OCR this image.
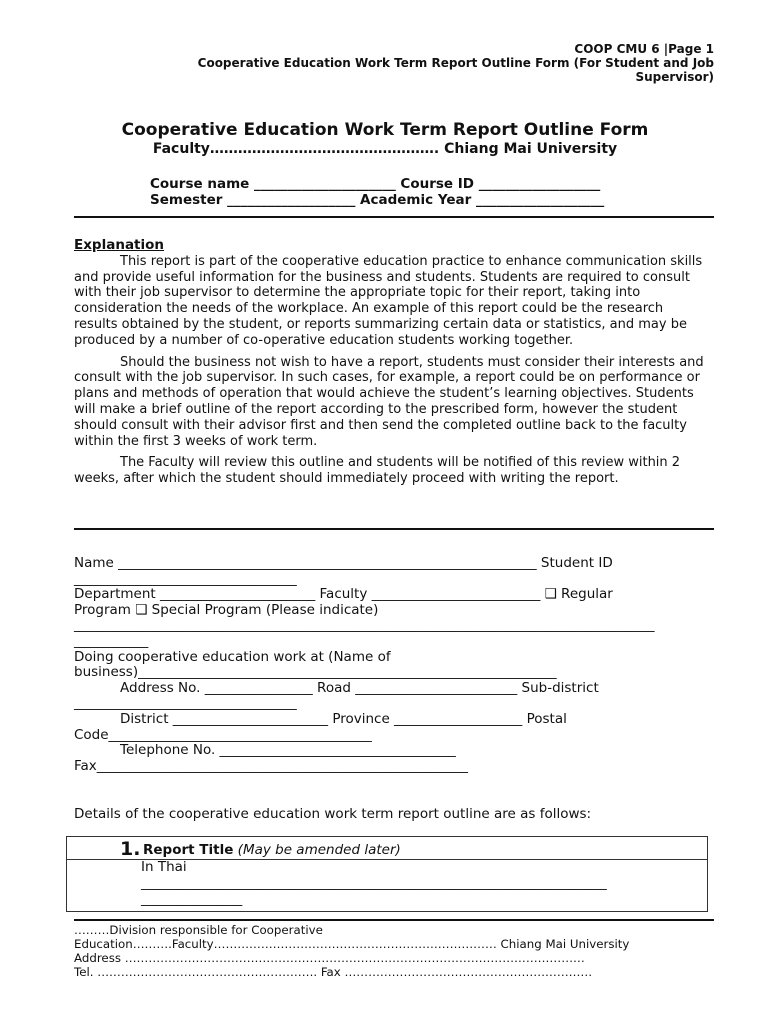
COOP CMU 6 |Page 1
Cooperative Education Work Term Report Outline Form (For Student and Job
Supervisor)
Cooperative Education Work Term Report Outline Form
Faculty…………………………………………. Chiang Mai University
Course name _____________________ Course ID __________________
Semester ___________________ Academic Year ___________________
Explanation

This report is part of the cooperative education practice to enhance communication skills and provide useful information for the business and students. Students are required to consult with their job supervisor to determine the appropriate topic for their report, taking into consideration the needs of the workplace. An example of this report could be the research results obtained by the student, or reports summarizing certain data or statistics, and may be produced by a number of co-operative education students working together.

Should the business not wish to have a report, students must consider their interests and consult with the job supervisor. In such cases, for example, a report could be on performance or plans and methods of operation that would achieve the student’s learning objectives. Students will make a brief outline of the report according to the prescribed form, however the student should consult with their advisor first and then send the completed outline back to the faculty within the first 3 weeks of work term.

The Faculty will review this outline and students will be notified of this review within 2 weeks, after which the student should immediately proceed with writing the report.

Name ______________________________________________________________ Student ID
_________________________________
Department _______________________ Faculty _________________________ ❑ Regular
Program ❑ Special Program (Please indicate)
______________________________________________________________________________________
___________
Doing cooperative education work at (Name of
business)______________________________________________________________
Address No. ________________ Road ________________________ Sub-district
_________________________________
District _______________________ Province ___________________ Postal
Code_______________________________________
Telephone No. ___________________________________
Fax_______________________________________________________
Details of the cooperative education work term report outline are as follows:
1. Report Title (May be amended later)
In Thai
_____________________________________________________________________
_______________
………Division responsible for Cooperative
Education……….Faculty……………………………………………………………… Chiang Mai University
Address ………………………………………………………………………………………………………
Tel. ……………………………………………….. Fax ………………………………………………………
